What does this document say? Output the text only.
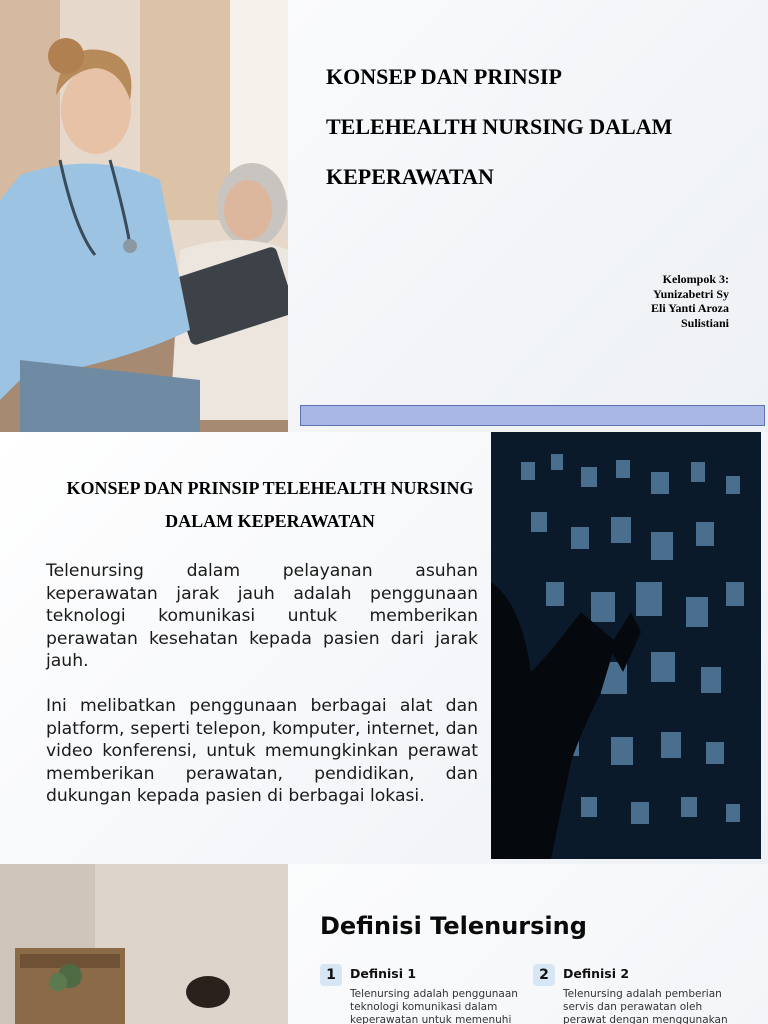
KONSEP DAN PRINSIP
TELEHEALTH NURSING DALAM
KEPERAWATAN
Kelompok 3:
Yunizabetri Sy
Eli Yanti Aroza
Sulistiani
KONSEP DAN PRINSIP TELEHEALTH NURSING
DALAM KEPERAWATAN

Telenursing dalam pelayanan asuhan keperawatan jarak jauh adalah penggunaan teknologi komunikasi untuk memberikan perawatan kesehatan kepada pasien dari jarak jauh.

Ini melibatkan penggunaan berbagai alat dan platform, seperti telepon, komputer, internet, dan video konferensi, untuk memungkinkan perawat memberikan perawatan, pendidikan, dan dukungan kepada pasien di berbagai lokasi.

Definisi Telenursing
1	Definisi 1
Telenursing adalah penggunaan teknologi komunikasi dalam keperawatan untuk memenuhi
2	Definisi 2
Telenursing adalah pemberian servis dan perawatan oleh perawat dengan menggunakan
